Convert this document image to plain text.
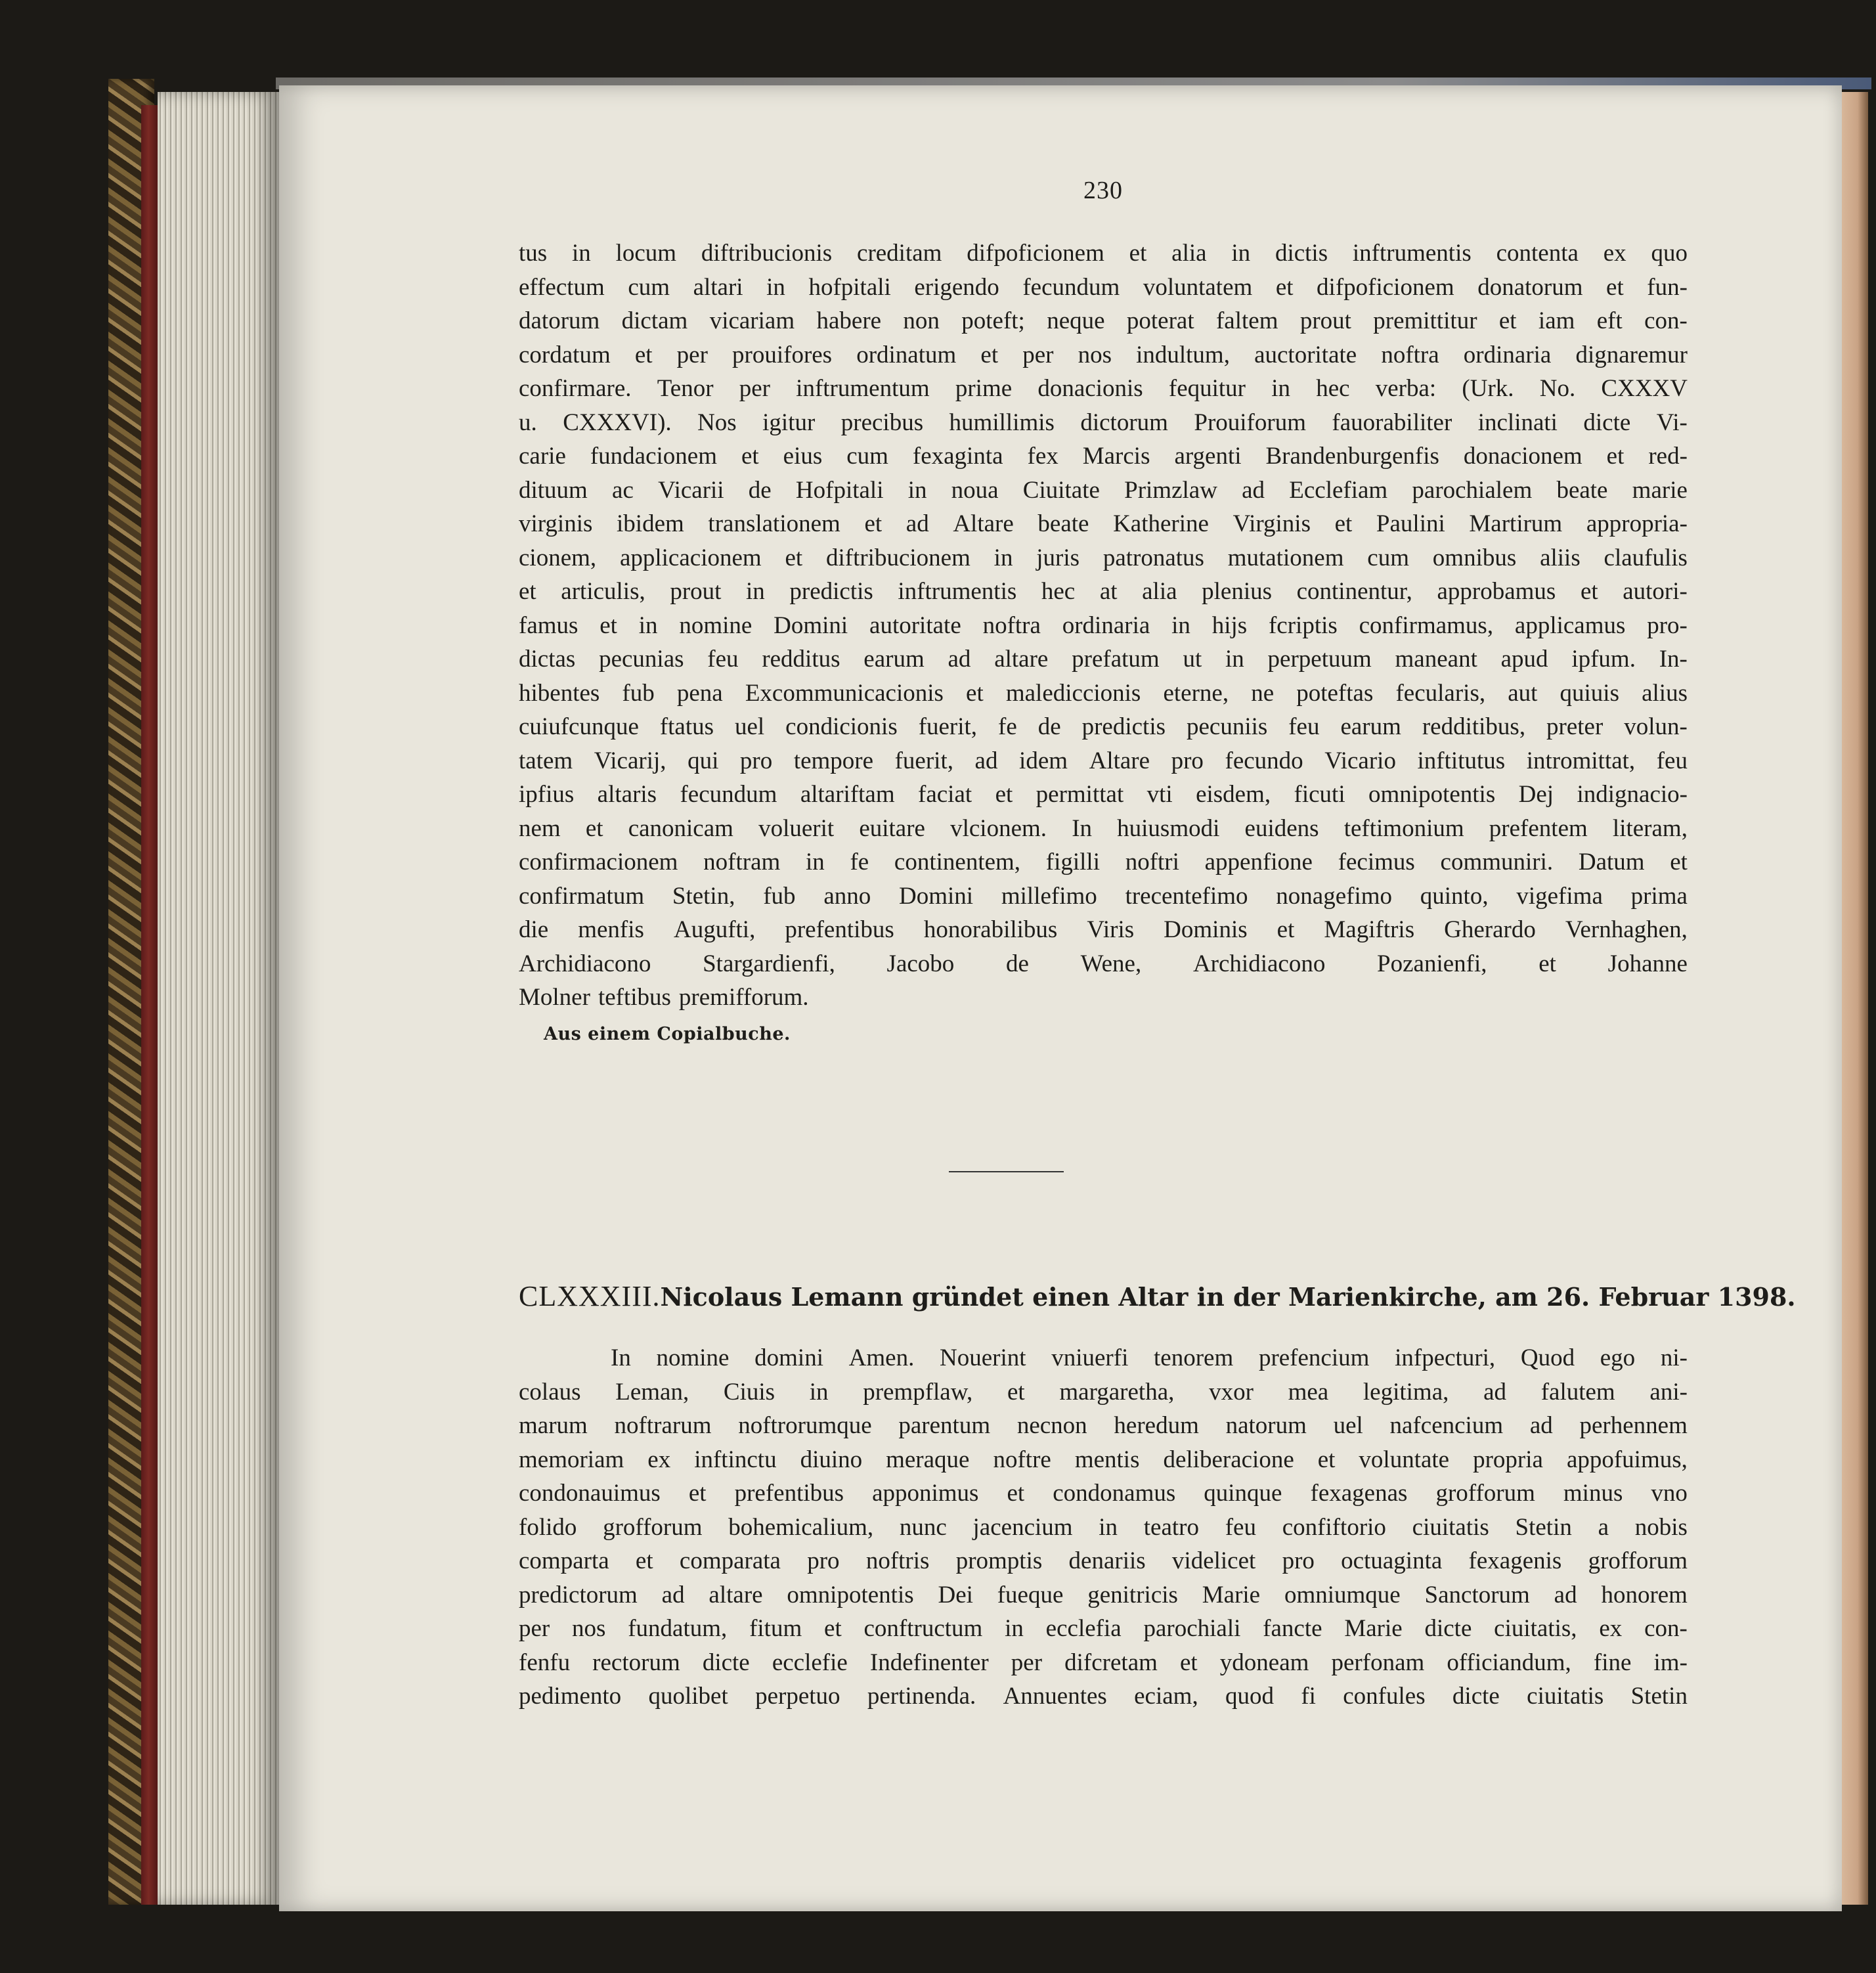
230
tus in locum diftribucionis creditam difpoficionem et alia in dictis inftrumentis contenta ex quo
effectum cum altari in hofpitali erigendo fecundum voluntatem et difpoficionem donatorum et fun-
datorum dictam vicariam habere non poteft; neque poterat faltem prout premittitur et iam eft con-
cordatum et per prouifores ordinatum et per nos indultum, auctoritate noftra ordinaria dignaremur
confirmare. Tenor per inftrumentum prime donacionis fequitur in hec verba: (Urk. No. CXXXV
u. CXXXVI). Nos igitur precibus humillimis dictorum Prouiforum fauorabiliter inclinati dicte Vi-
carie fundacionem et eius cum fexaginta fex Marcis argenti Brandenburgenfis donacionem et red-
dituum ac Vicarii de Hofpitali in noua Ciuitate Primzlaw ad Ecclefiam parochialem beate marie
virginis ibidem translationem et ad Altare beate Katherine Virginis et Paulini Martirum appropria-
cionem, applicacionem et diftribucionem in juris patronatus mutationem cum omnibus aliis claufulis
et articulis, prout in predictis inftrumentis hec at alia plenius continentur, approbamus et autori-
famus et in nomine Domini autoritate noftra ordinaria in hijs fcriptis confirmamus, applicamus pro-
dictas pecunias feu redditus earum ad altare prefatum ut in perpetuum maneant apud ipfum. In-
hibentes fub pena Excommunicacionis et malediccionis eterne, ne poteftas fecularis, aut quiuis alius
cuiufcunque ftatus uel condicionis fuerit, fe de predictis pecuniis feu earum redditibus, preter volun-
tatem Vicarij, qui pro tempore fuerit, ad idem Altare pro fecundo Vicario inftitutus intromittat, feu
ipfius altaris fecundum altariftam faciat et permittat vti eisdem, ficuti omnipotentis Dej indignacio-
nem et canonicam voluerit euitare vlcionem. In huiusmodi euidens teftimonium prefentem literam,
confirmacionem noftram in fe continentem, figilli noftri appenfione fecimus communiri. Datum et
confirmatum Stetin, fub anno Domini millefimo trecentefimo nonagefimo quinto, vigefima prima
die menfis Augufti, prefentibus honorabilibus Viris Dominis et Magiftris Gherardo Vernhaghen,
Archidiacono Stargardienfi, Jacobo de Wene, Archidiacono Pozanienfi, et Johanne
Molner teftibus premifforum.
Aus einem Copialbuche.
CLXXXIII. Nicolaus Lemann gründet einen Altar in der Marienkirche, am 26. Februar 1398.
In nomine domini Amen. Nouerint vniuerfi tenorem prefencium infpecturi, Quod ego ni-
colaus Leman, Ciuis in prempflaw, et margaretha, vxor mea legitima, ad falutem ani-
marum noftrarum noftrorumque parentum necnon heredum natorum uel nafcencium ad perhennem
memoriam ex inftinctu diuino meraque noftre mentis deliberacione et voluntate propria appofuimus,
condonauimus et prefentibus apponimus et condonamus quinque fexagenas grofforum minus vno
folido grofforum bohemicalium, nunc jacencium in teatro feu confiftorio ciuitatis Stetin a nobis
comparta et comparata pro noftris promptis denariis videlicet pro octuaginta fexagenis grofforum
predictorum ad altare omnipotentis Dei fueque genitricis Marie omniumque Sanctorum ad honorem
per nos fundatum, fitum et conftructum in ecclefia parochiali fancte Marie dicte ciuitatis, ex con-
fenfu rectorum dicte ecclefie Indefinenter per difcretam et ydoneam perfonam officiandum, fine im-
pedimento quolibet perpetuo pertinenda. Annuentes eciam, quod fi confules dicte ciuitatis Stetin
